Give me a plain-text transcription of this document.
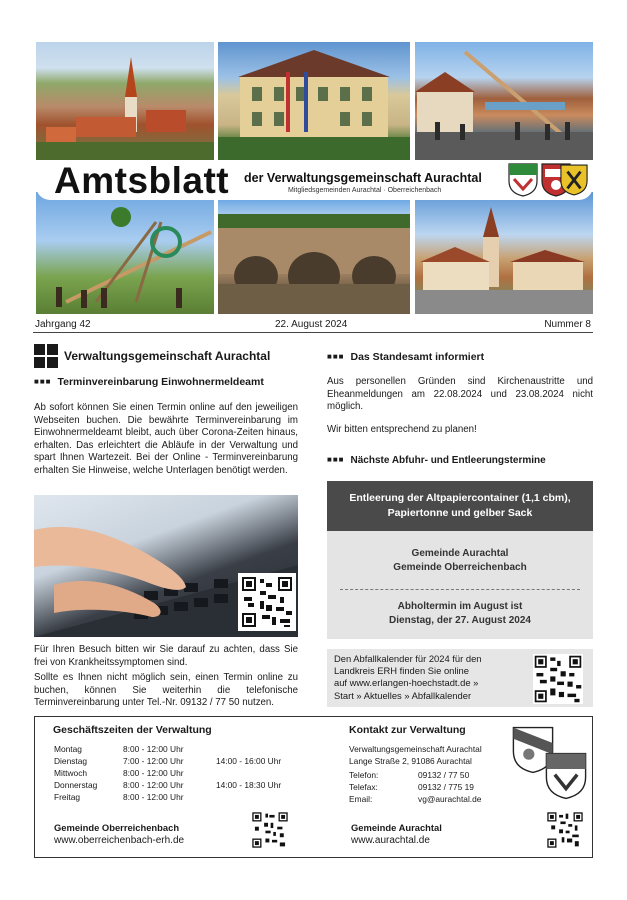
Amtsblatt der Verwaltungsgemeinschaft Aurachtal
Mitgliedsgemeinden Aurachtal · Oberreichenbach
Jahrgang 42	22. August 2024	Nummer 8
Verwaltungsgemeinschaft Aurachtal
■■■ Terminvereinbarung Einwohnermeldeamt

Ab sofort können Sie einen Termin online auf den jeweiligen Webseiten buchen. Die bewährte Terminvereinbarung im Einwohnermeldeamt bleibt, auch über Corona-Zeiten hinaus, erhalten. Das erleichtert die Abläufe in der Verwaltung und spart Ihnen Wartezeit. Bei der Online - Terminvereinbarung erhalten Sie Hinweise, welche Unterlagen benötigt werden.

Für Ihren Besuch bitten wir Sie darauf zu achten, dass Sie frei von Krankheitssymptomen sind.

Sollte es Ihnen nicht möglich sein, einen Termin online zu buchen, können Sie weiterhin die telefonische Terminvereinbarung unter Tel.-Nr. 09132 / 77 50 nutzen.

■■■ Das Standesamt informiert

Aus personellen Gründen sind Kirchenaustritte und Eheanmeldungen am 22.08.2024 und 23.08.2024 nicht möglich.

Wir bitten entsprechend zu planen!

■■■ Nächste Abfuhr- und Entleerungstermine
Entleerung der Altpapiercontainer (1,1 cbm),
Papiertonne und gelber Sack
Gemeinde Aurachtal
Gemeinde Oberreichenbach
Abholtermin im August ist
Dienstag, der 27. August 2024
Den Abfallkalender für 2024 für den
Landkreis ERH finden Sie online
auf www.erlangen-hoechstadt.de »
Start » Aktuelles » Abfallkalender
Geschäftszeiten der Verwaltung
Montag
Dienstag
Mittwoch
Donnerstag
Freitag
8:00 - 12:00 Uhr
7:00 - 12:00 Uhr
8:00 - 12:00 Uhr
8:00 - 12:00 Uhr
8:00 - 12:00 Uhr
14:00 - 16:00 Uhr
14:00 - 18:30 Uhr
Gemeinde Oberreichenbach
www.oberreichenbach-erh.de
Kontakt zur Verwaltung
Verwaltungsgemeinschaft Aurachtal
Lange Straße 2, 91086 Aurachtal
Telefon:
Telefax:
Email:
09132 / 77 50
09132 / 775 19
vg@aurachtal.de
Gemeinde Aurachtal
www.aurachtal.de
